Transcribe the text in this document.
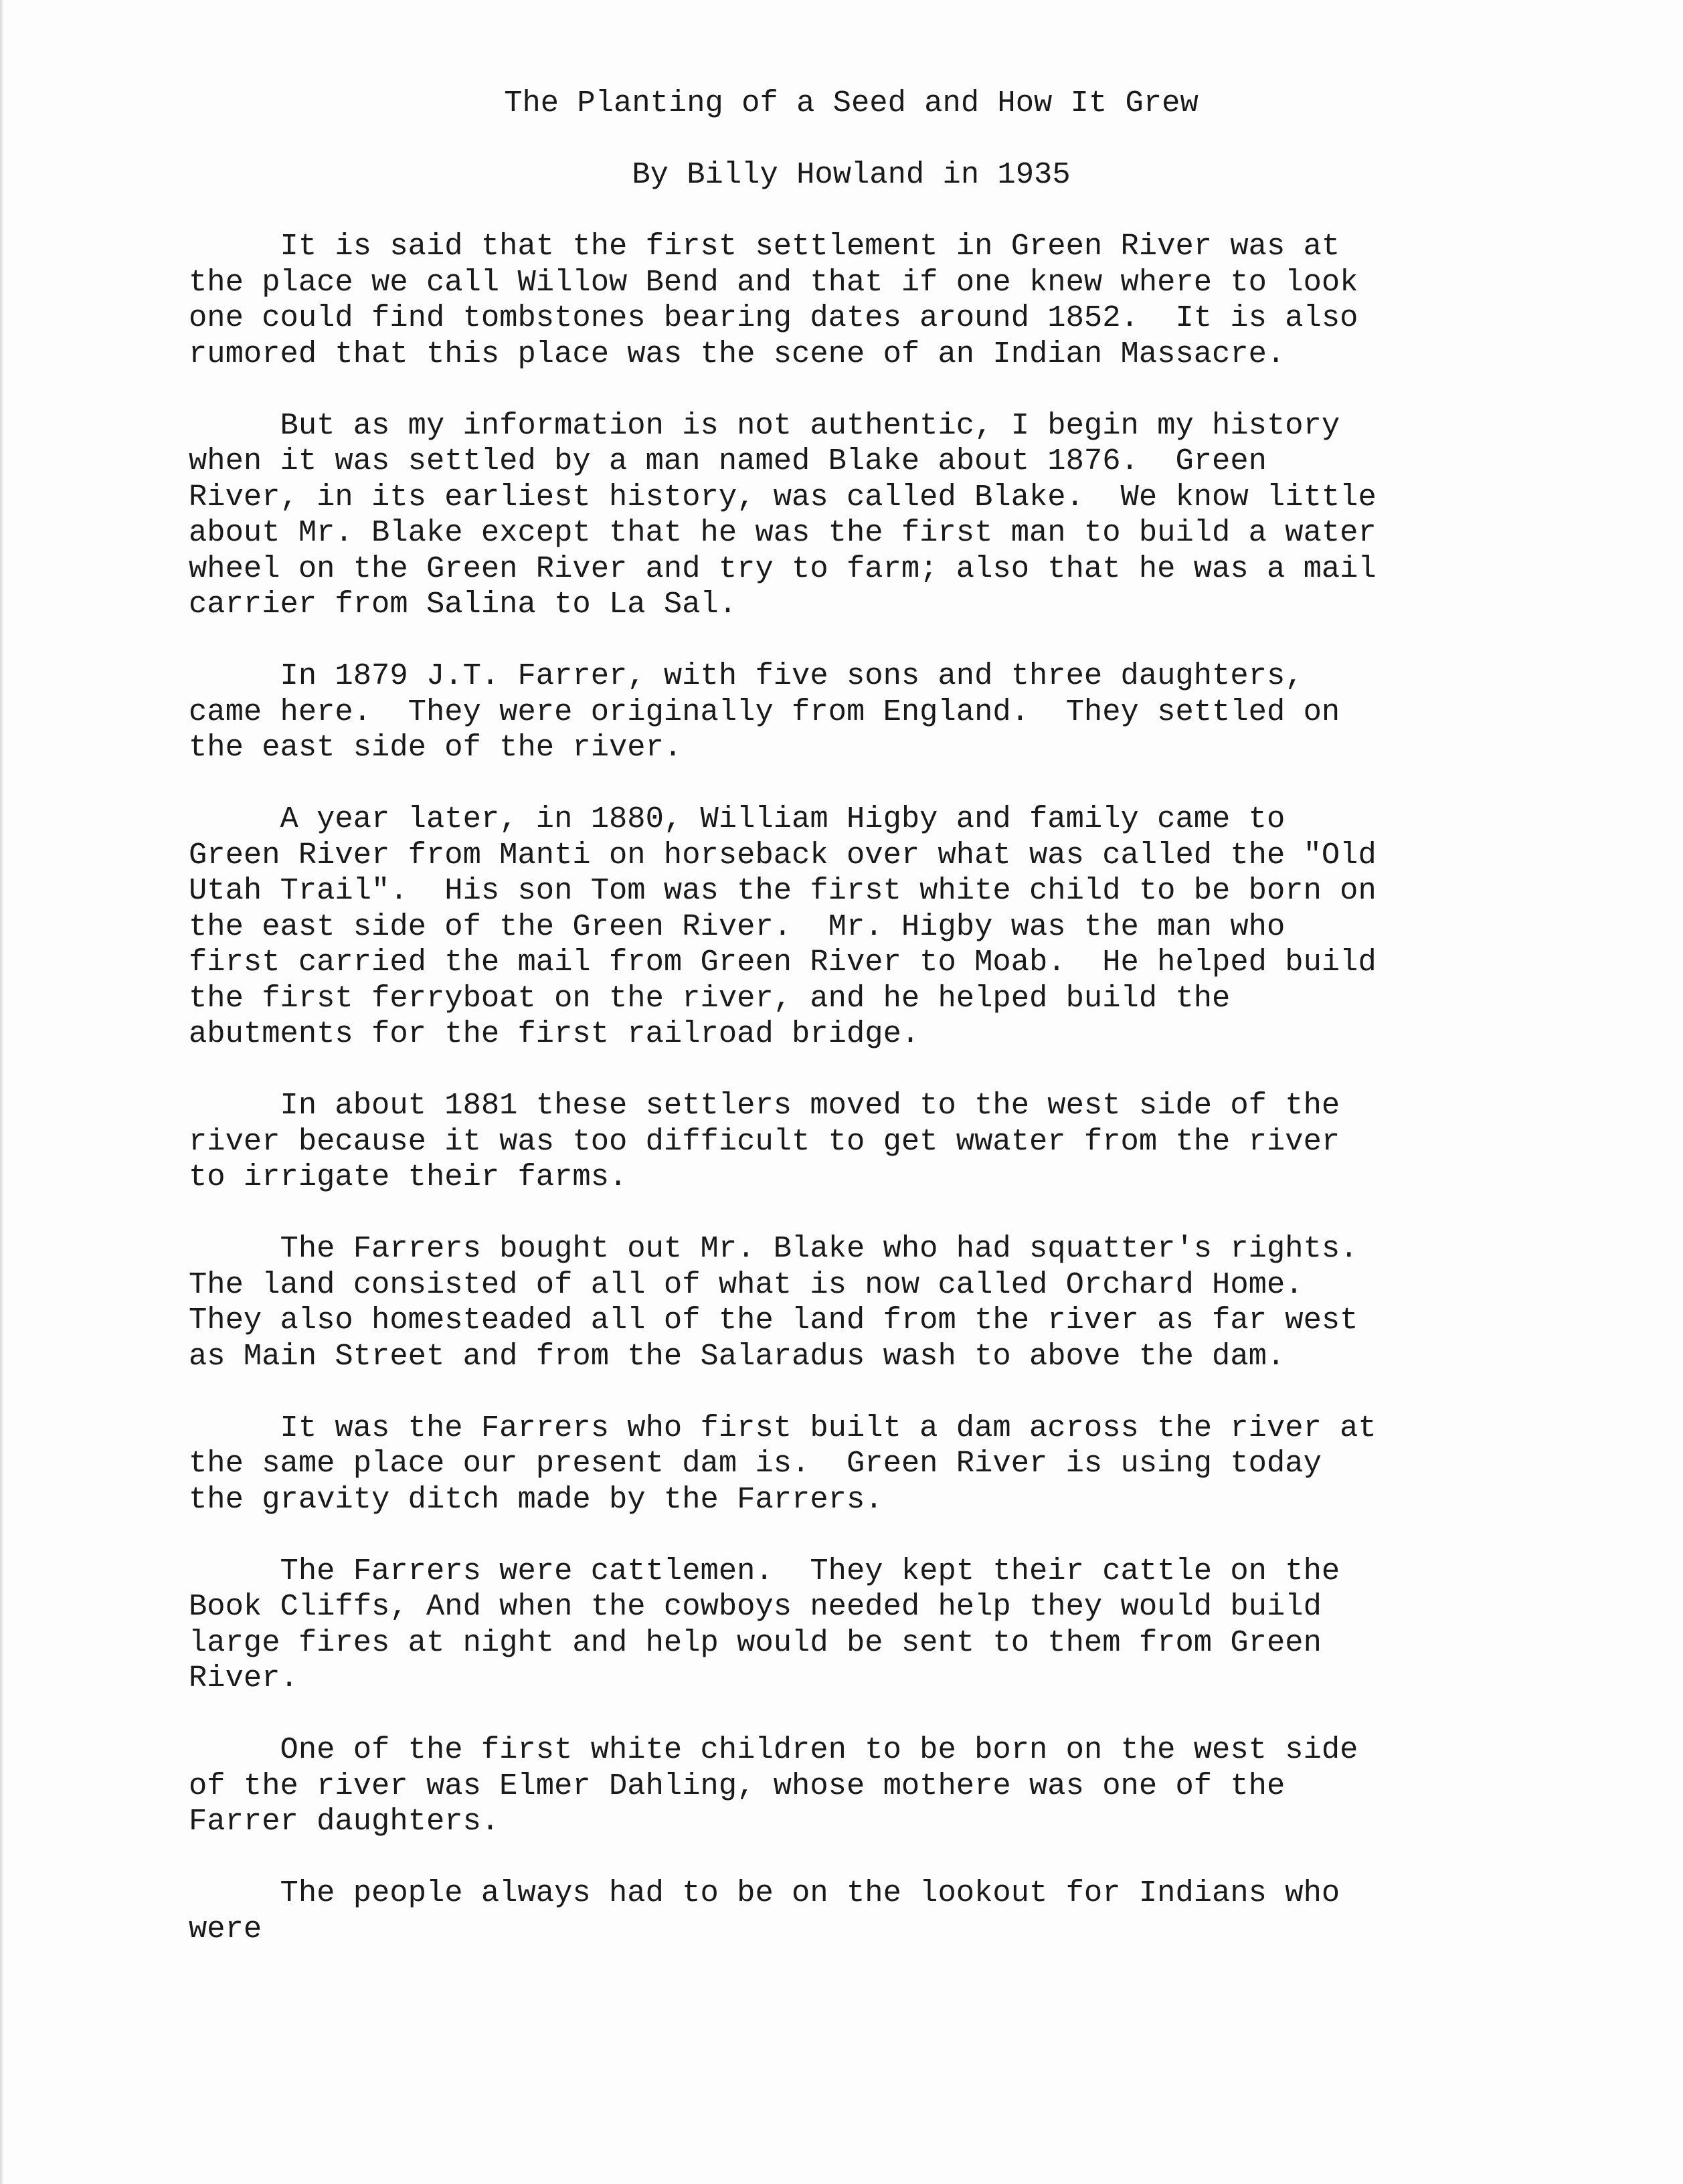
The Planting of a Seed and How It Grew

By Billy Howland in 1935

It is said that the first settlement in Green River was at
the place we call Willow Bend and that if one knew where to look
one could find tombstones bearing dates around 1852.  It is also
rumored that this place was the scene of an Indian Massacre.

But as my information is not authentic, I begin my history
when it was settled by a man named Blake about 1876.  Green
River, in its earliest history, was called Blake.  We know little
about Mr. Blake except that he was the first man to build a water
wheel on the Green River and try to farm; also that he was a mail
carrier from Salina to La Sal.

In 1879 J.T. Farrer, with five sons and three daughters,
came here.  They were originally from England.  They settled on
the east side of the river.

A year later, in 1880, William Higby and family came to
Green River from Manti on horseback over what was called the "Old
Utah Trail".  His son Tom was the first white child to be born on
the east side of the Green River.  Mr. Higby was the man who
first carried the mail from Green River to Moab.  He helped build
the first ferryboat on the river, and he helped build the
abutments for the first railroad bridge.

In about 1881 these settlers moved to the west side of the
river because it was too difficult to get wwater from the river
to irrigate their farms.

The Farrers bought out Mr. Blake who had squatter's rights.
The land consisted of all of what is now called Orchard Home.
They also homesteaded all of the land from the river as far west
as Main Street and from the Salaradus wash to above the dam.

It was the Farrers who first built a dam across the river at
the same place our present dam is.  Green River is using today
the gravity ditch made by the Farrers.

The Farrers were cattlemen.  They kept their cattle on the
Book Cliffs, And when the cowboys needed help they would build
large fires at night and help would be sent to them from Green
River.

One of the first white children to be born on the west side
of the river was Elmer Dahling, whose mothere was one of the
Farrer daughters.

The people always had to be on the lookout for Indians who
were
